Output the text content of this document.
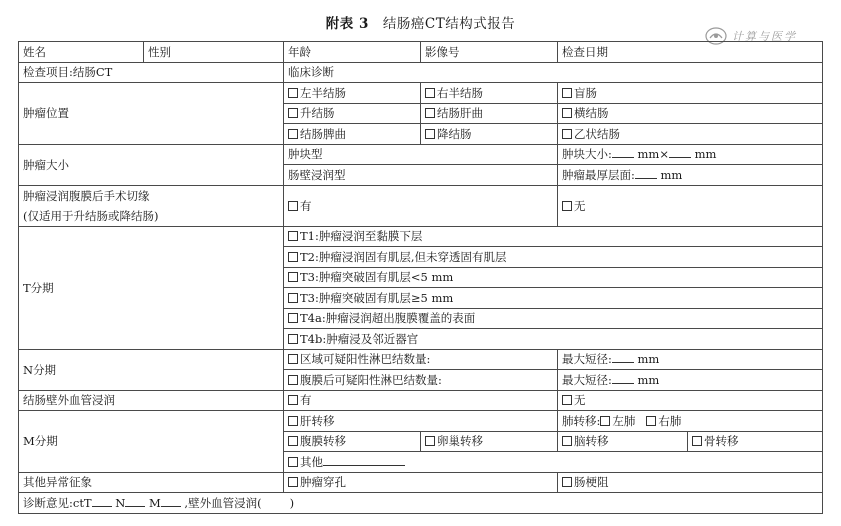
附表 3 结肠癌CT结构式报告
计算与医学
姓名	性别	年龄	影像号	检查日期	
检查项目:结肠CT		临床诊断			
肿瘤位置		左半结肠	右半结肠	盲肠	
		升结肠	结肠肝曲	横结肠	
		结肠脾曲	降结肠	乙状结肠	
肿瘤大小		肿块型		肿块大小: mm× mm	
		肠壁浸润型		肿瘤最厚层面: mm	
肿瘤浸润腹膜后手术切缘
(仅适用于升结肠或降结肠)		有		无	
T分期		T1:肿瘤浸润至黏膜下层			
		T2:肿瘤浸润固有肌层,但未穿透固有肌层			
		T3:肿瘤突破固有肌层<5 mm			
		T3:肿瘤突破固有肌层≥5 mm			
		T4a:肿瘤浸润超出腹膜覆盖的表面			
		T4b:肿瘤浸及邻近器官			
N分期		区域可疑阳性淋巴结数量:		最大短径: mm	
		腹膜后可疑阳性淋巴结数量:		最大短径: mm	
结肠壁外血管浸润		有		无	
M分期		肝转移		肺转移: 左肺 右肺	
		腹膜转移	卵巢转移	脑转移	骨转移
		其他			
其他异常征象		肿瘤穿孔		肠梗阻	
诊断意见:ctT N M ,壁外血管浸润( )					
